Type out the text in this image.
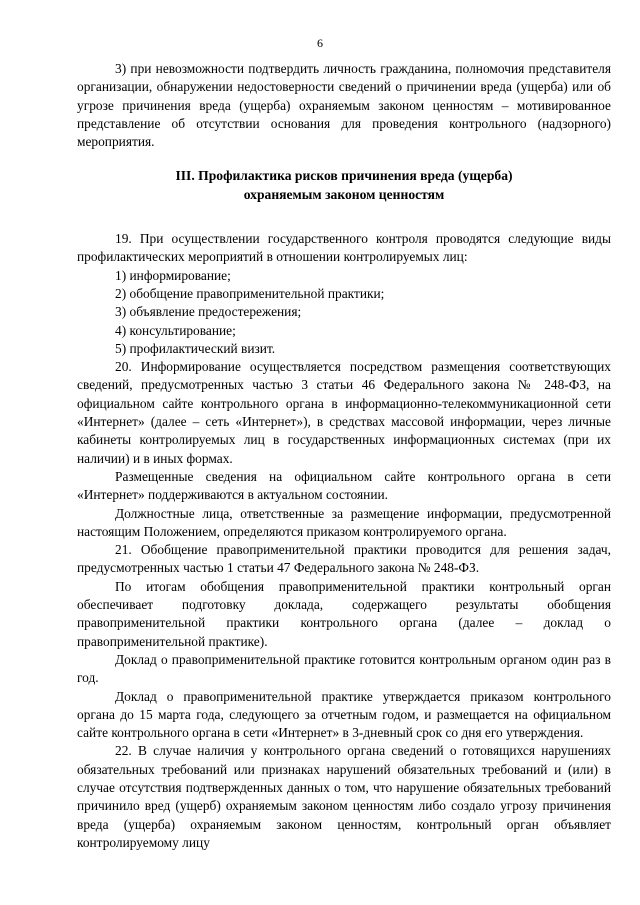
6

3) при невозможности подтвердить личность гражданина, полномочия представителя организации, обнаружении недостоверности сведений о причинении вреда (ущерба) или об угрозе причинения вреда (ущерба) охраняемым законом ценностям – мотивированное представление об отсутствии основания для проведения контрольного (надзорного) мероприятия.

III. Профилактика рисков причинения вреда (ущерба)
охраняемым законом ценностям

19. При осуществлении государственного контроля проводятся следующие виды профилактических мероприятий в отношении контролируемых лиц:

1) информирование;

2) обобщение правоприменительной практики;

3) объявление предостережения;

4) консультирование;

5) профилактический визит.

20. Информирование осуществляется посредством размещения соответствующих сведений, предусмотренных частью 3 статьи 46 Федерального закона № 248-ФЗ, на официальном сайте контрольного органа в информационно-телекоммуникационной сети «Интернет» (далее – сеть «Интернет»), в средствах массовой информации, через личные кабинеты контролируемых лиц в государственных информационных системах (при их наличии) и в иных формах.

Размещенные сведения на официальном сайте контрольного органа в сети «Интернет» поддерживаются в актуальном состоянии.

Должностные лица, ответственные за размещение информации, предусмотренной настоящим Положением, определяются приказом контролируемого органа.

21. Обобщение правоприменительной практики проводится для решения задач, предусмотренных частью 1 статьи 47 Федерального закона № 248-ФЗ.

По итогам обобщения правоприменительной практики контрольный орган обеспечивает подготовку доклада, содержащего результаты обобщения правоприменительной практики контрольного органа (далее – доклад о правоприменительной практике).

Доклад о правоприменительной практике готовится контрольным органом один раз в год.

Доклад о правоприменительной практике утверждается приказом контрольного органа до 15 марта года, следующего за отчетным годом, и размещается на официальном сайте контрольного органа в сети «Интернет» в 3-дневный срок со дня его утверждения.

22. В случае наличия у контрольного органа сведений о готовящихся нарушениях обязательных требований или признаках нарушений обязательных требований и (или) в случае отсутствия подтвержденных данных о том, что нарушение обязательных требований причинило вред (ущерб) охраняемым законом ценностям либо создало угрозу причинения вреда (ущерба) охраняемым законом ценностям, контрольный орган объявляет контролируемому лицу
